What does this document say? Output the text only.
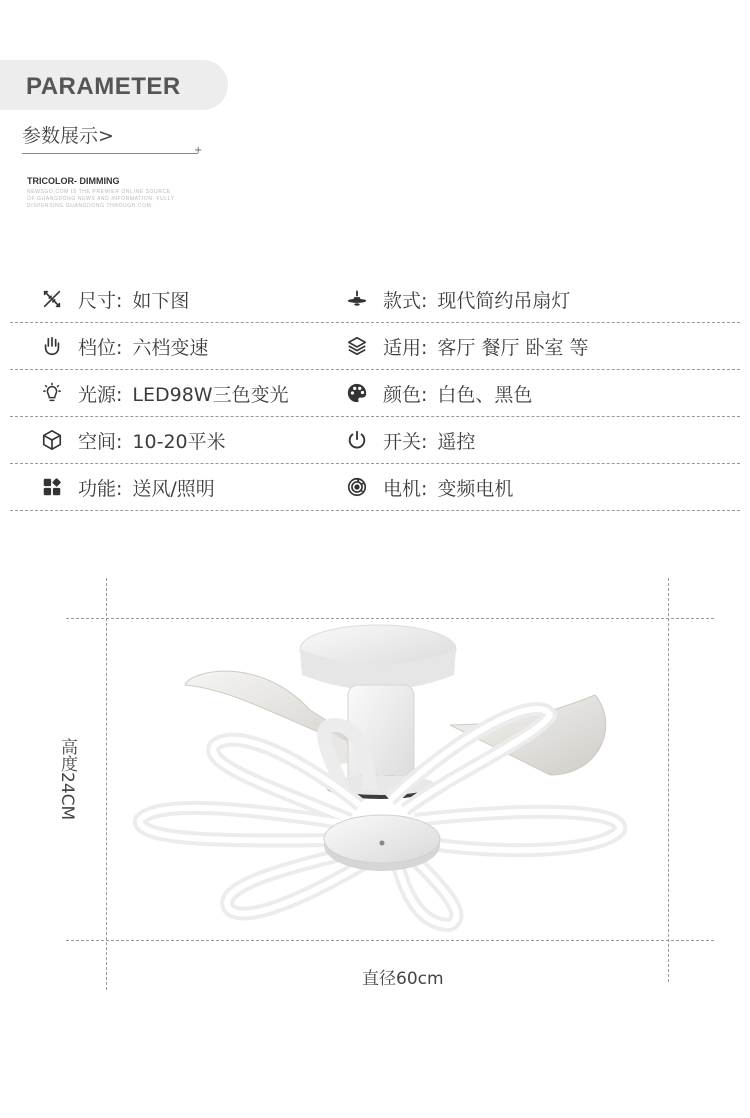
PARAMETER
参数展示>
+
TRICOLOR- DIMMING
NEWSGO.COM IS THE PREMIER ONLINE SOURCE
OF GUANGDONG NEWS AND INFORMATION, FULLY
DISPERSING GUANGDONG THROUGH.COM
尺寸: 如下图	款式: 现代简约吊扇灯
档位: 六档变速	适用: 客厅 餐厅 卧室 等
光源: LED98W三色变光	颜色: 白色、黑色
空间: 10-20平米	开关: 遥控
功能: 送风/照明	电机: 变频电机
高度24CM
直径60cm
